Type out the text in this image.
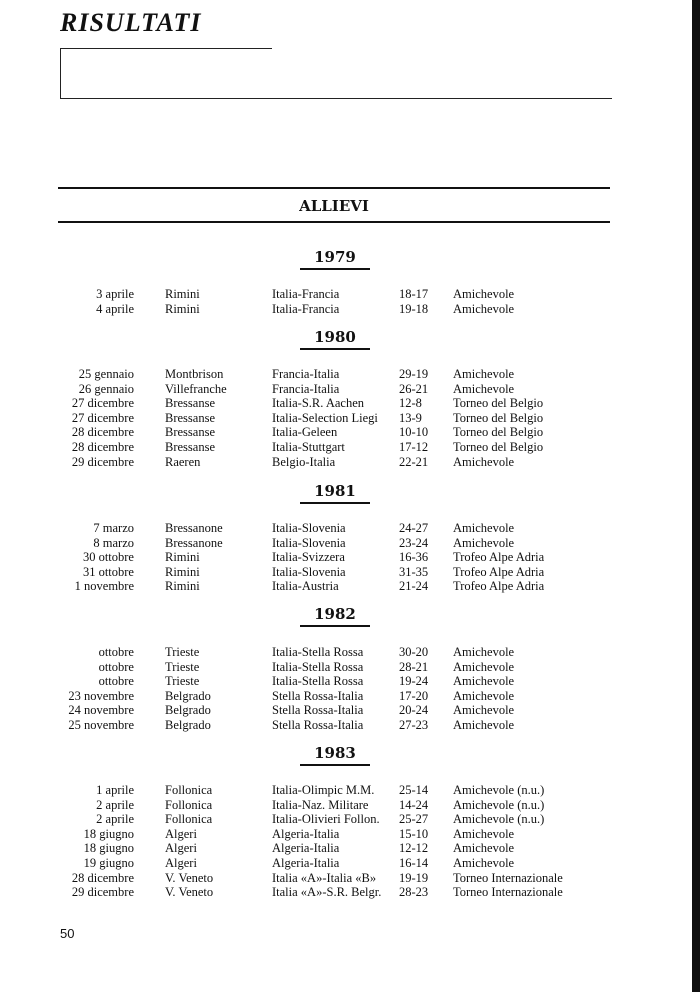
RISULTATI
ALLIEVI
1979
3 aprile Rimini	Italia-Francia	18-17 Amichevole
4 aprile Rimini	Italia-Francia	19-18 Amichevole
1980
25 gennaio Montbrison	Francia-Italia	29-19 Amichevole
26 gennaio Villefranche	Francia-Italia	26-21 Amichevole
27 dicembre Bressanse	Italia-S.R. Aachen	12-8 Torneo del Belgio
27 dicembre Bressanse	Italia-Selection Liegi 13-9 Torneo del Belgio
28 dicembre Bressanse	Italia-Geleen	10-10 Torneo del Belgio
28 dicembre Bressanse	Italia-Stuttgart	17-12 Torneo del Belgio
29 dicembre Raeren	Belgio-Italia	22-21 Amichevole
1981
7 marzo Bressanone	Italia-Slovenia	24-27 Amichevole
8 marzo Bressanone	Italia-Slovenia	23-24 Amichevole
30 ottobre Rimini	Italia-Svizzera	16-36 Trofeo Alpe Adria
31 ottobre Rimini	Italia-Slovenia	31-35 Trofeo Alpe Adria
1 novembre Rimini	Italia-Austria	21-24 Trofeo Alpe Adria
1982
ottobre Trieste	Italia-Stella Rossa	30-20 Amichevole
ottobre Trieste	Italia-Stella Rossa	28-21 Amichevole
ottobre Trieste	Italia-Stella Rossa	19-24 Amichevole
23 novembre Belgrado	Stella Rossa-Italia	17-20 Amichevole
24 novembre Belgrado	Stella Rossa-Italia	20-24 Amichevole
25 novembre Belgrado	Stella Rossa-Italia	27-23 Amichevole
1983
1 aprile Follonica	Italia-Olimpic M.M. 25-14 Amichevole (n.u.)
2 aprile Follonica	Italia-Naz. Militare 14-24 Amichevole (n.u.)
2 aprile Follonica	Italia-Olivieri Follon. 25-27 Amichevole (n.u.)
18 giugno Algeri	Algeria-Italia	15-10 Amichevole
18 giugno Algeri	Algeria-Italia	12-12 Amichevole
19 giugno Algeri	Algeria-Italia	16-14 Amichevole
28 dicembre V. Veneto	Italia «A»-Italia «B» 19-19 Torneo Internazionale
29 dicembre V. Veneto	Italia «A»-S.R. Belgr. 28-23 Torneo Internazionale
50
